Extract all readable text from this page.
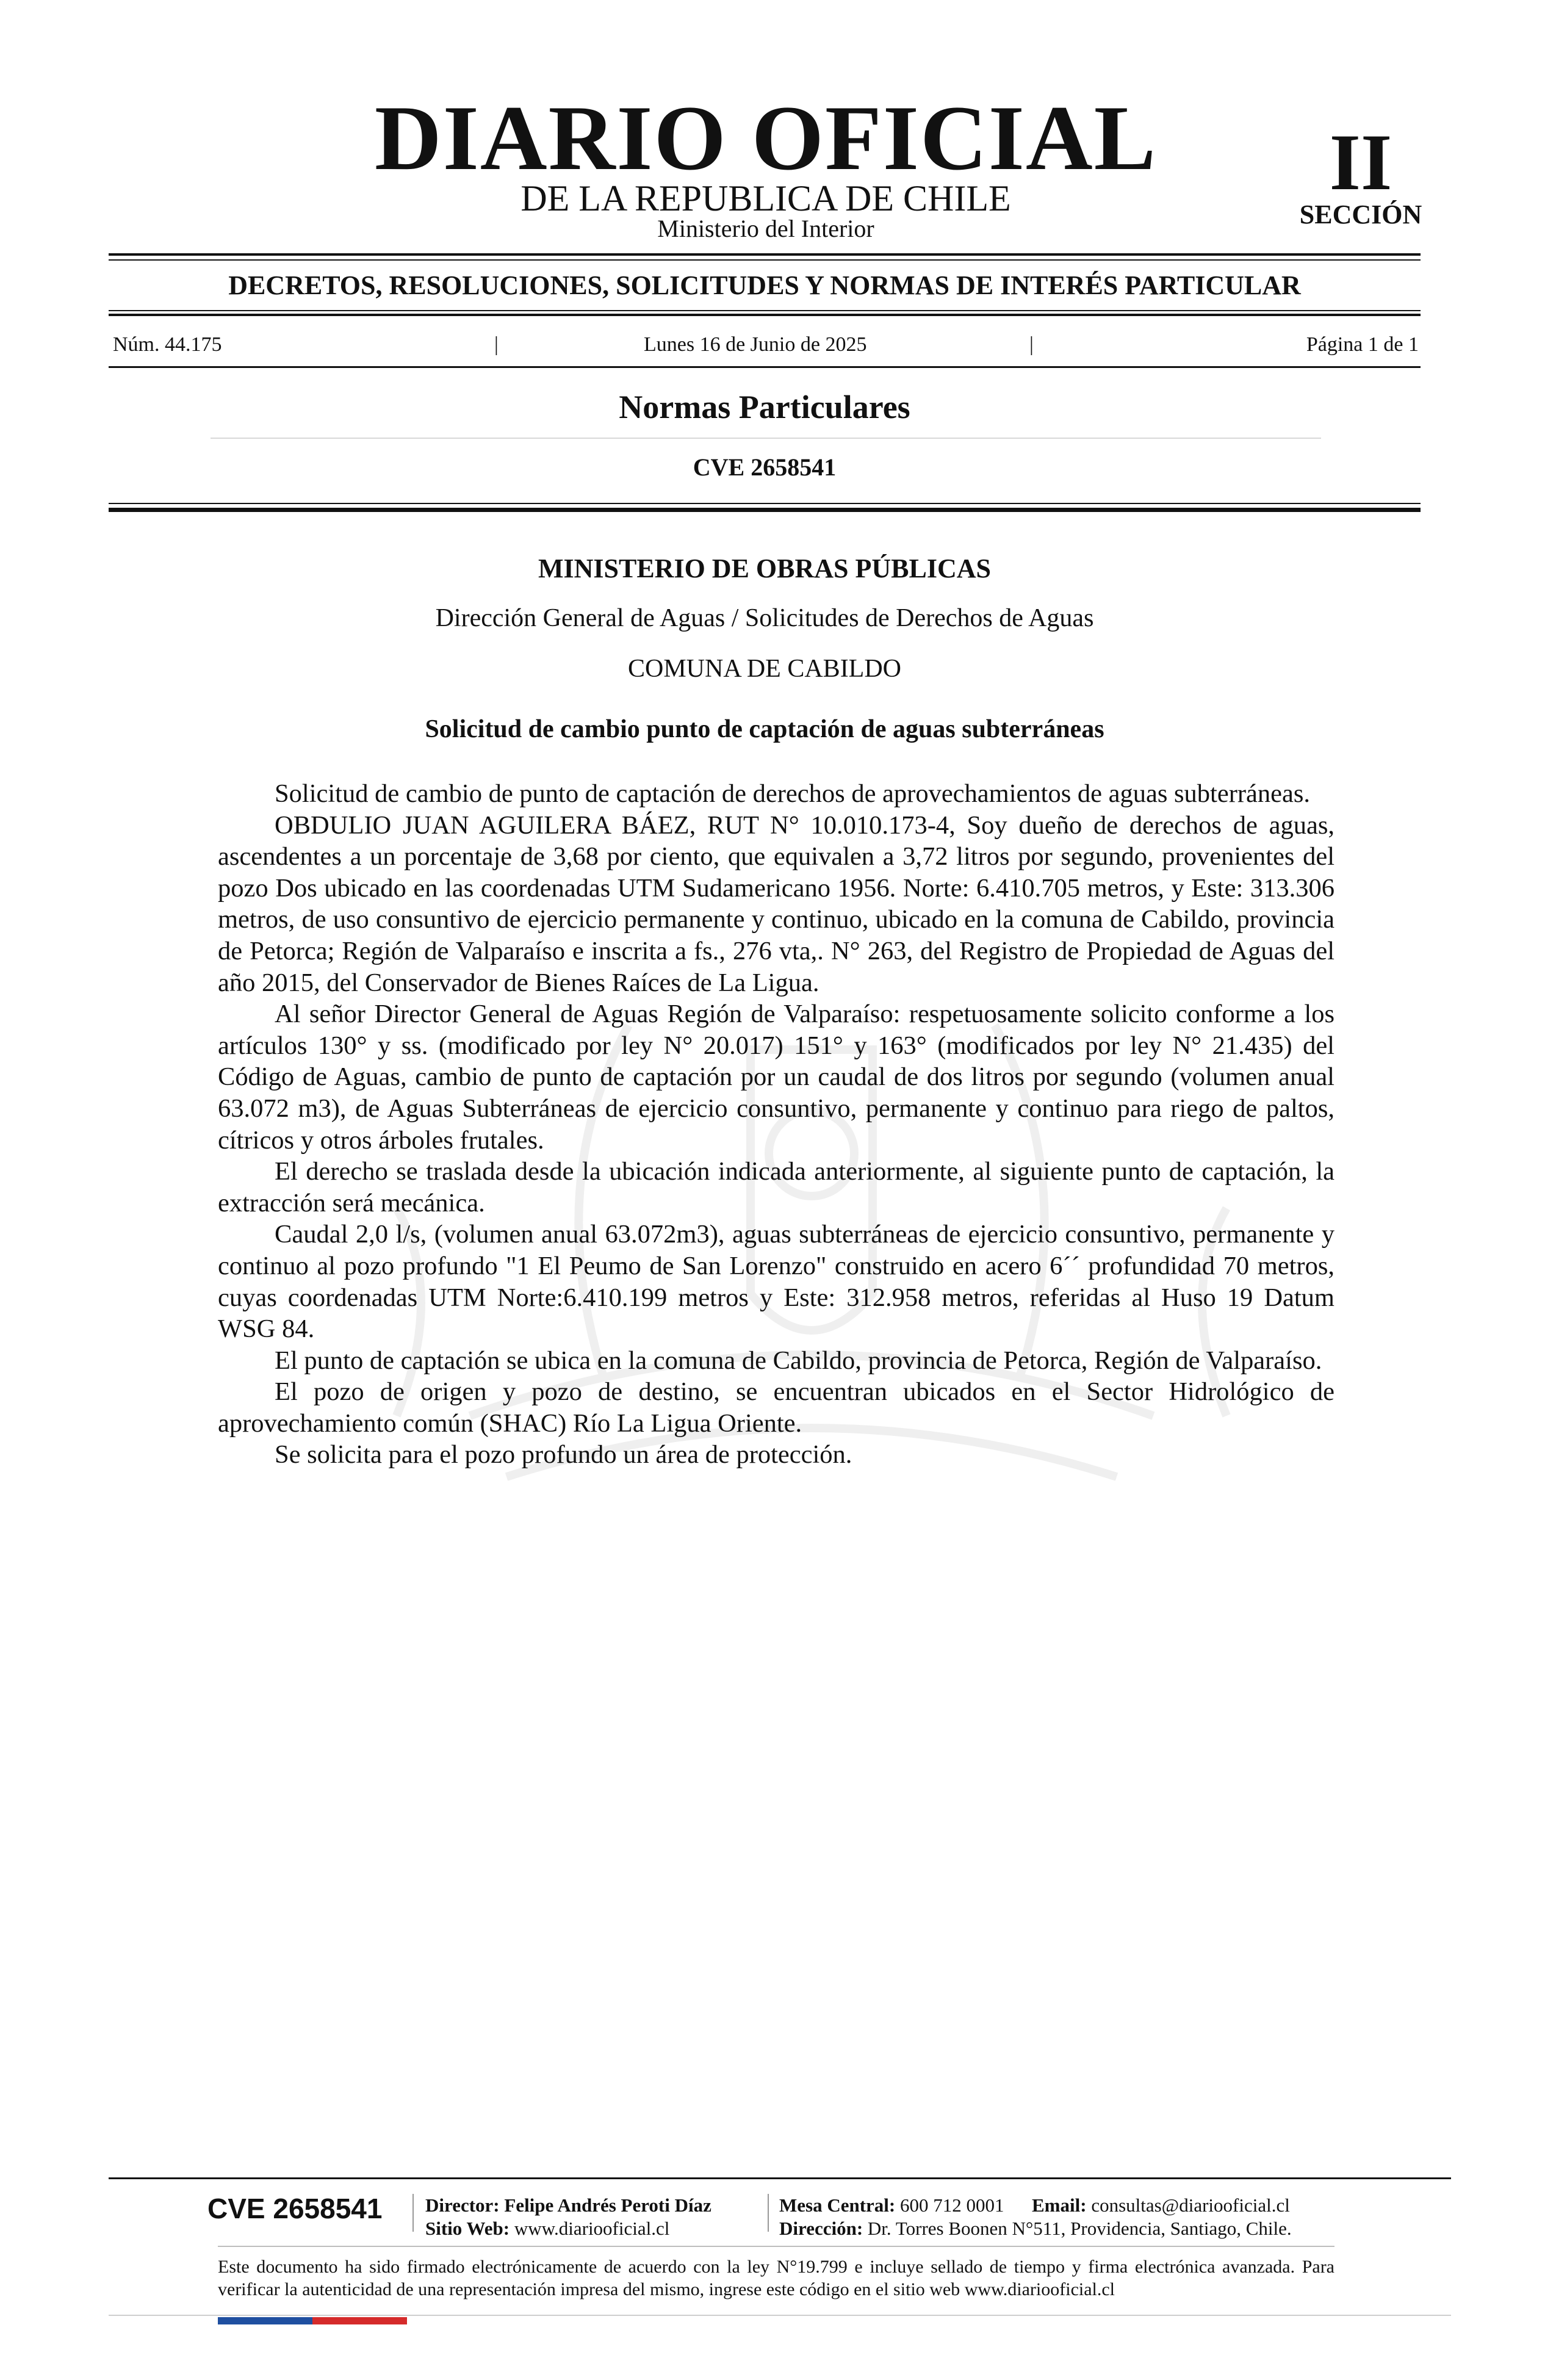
DIARIO OFICIAL
DE LA REPUBLICA DE CHILE
Ministerio del Interior
II
SECCIÓN
DECRETOS, RESOLUCIONES, SOLICITUDES Y NORMAS DE INTERÉS PARTICULAR
Núm. 44.175	|	Lunes 16 de Junio de 2025	|	Página 1 de 1
Normas Particulares
CVE 2658541
MINISTERIO DE OBRAS PÚBLICAS
Dirección General de Aguas / Solicitudes de Derechos de Aguas
COMUNA DE CABILDO
Solicitud de cambio punto de captación de aguas subterráneas

Solicitud de cambio de punto de captación de derechos de aprovechamientos de aguas subterráneas.

OBDULIO JUAN AGUILERA BÁEZ, RUT N° 10.010.173-4, Soy dueño de derechos de aguas, ascendentes a un porcentaje de 3,68 por ciento, que equivalen a 3,72 litros por segundo, provenientes del pozo Dos ubicado en las coordenadas UTM Sudamericano 1956. Norte: 6.410.705 metros, y Este: 313.306 metros, de uso consuntivo de ejercicio permanente y continuo, ubicado en la comuna de Cabildo, provincia de Petorca; Región de Valparaíso e inscrita a fs., 276 vta,. N° 263, del Registro de Propiedad de Aguas del año 2015, del Conservador de Bienes Raíces de La Ligua.

Al señor Director General de Aguas Región de Valparaíso: respetuosamente solicito conforme a los artículos 130° y ss. (modificado por ley N° 20.017) 151° y 163° (modificados por ley N° 21.435) del Código de Aguas, cambio de punto de captación por un caudal de dos litros por segundo (volumen anual 63.072 m3), de Aguas Subterráneas de ejercicio consuntivo, permanente y continuo para riego de paltos, cítricos y otros árboles frutales.

El derecho se traslada desde la ubicación indicada anteriormente, al siguiente punto de captación, la extracción será mecánica.

Caudal 2,0 l/s, (volumen anual 63.072m3), aguas subterráneas de ejercicio consuntivo, permanente y continuo al pozo profundo "1 El Peumo de San Lorenzo" construido en acero 6´´ profundidad 70 metros, cuyas coordenadas UTM Norte:6.410.199 metros y Este: 312.958 metros, referidas al Huso 19 Datum WSG 84.

El punto de captación se ubica en la comuna de Cabildo, provincia de Petorca, Región de Valparaíso.

El pozo de origen y pozo de destino, se encuentran ubicados en el Sector Hidrológico de aprovechamiento común (SHAC) Río La Ligua Oriente.

Se solicita para el pozo profundo un área de protección.

CVE 2658541	Director: Felipe Andrés Peroti Díaz
Sitio Web: www.diariooficial.cl
Mesa Central: 600 712 0001 Email: consultas@diariooficial.cl
Dirección: Dr. Torres Boonen N°511, Providencia, Santiago, Chile.
Este documento ha sido firmado electrónicamente de acuerdo con la ley N°19.799 e incluye sellado de tiempo y firma electrónica avanzada. Para verificar la autenticidad de una representación impresa del mismo, ingrese este código en el sitio web www.diariooficial.cl
